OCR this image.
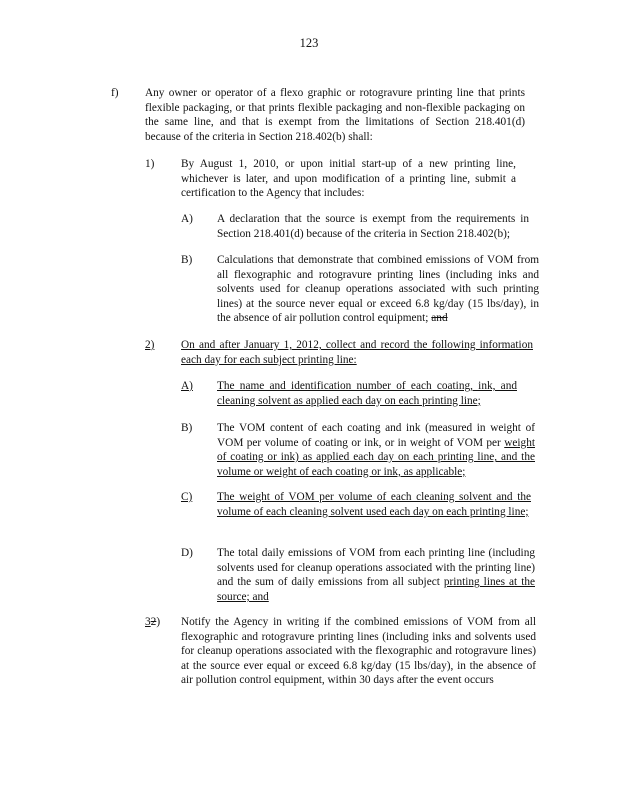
123
f) Any owner or operator of a flexo graphic or rotogravure printing line that prints flexible packaging, or that prints flexible packaging and non-flexible packaging on the same line, and that is exempt from the limitations of Section 218.401(d) because of the criteria in Section 218.402(b) shall:

1) By August 1, 2010, or upon initial start-up of a new printing line, whichever is later, and upon modification of a printing line, submit a certification to the Agency that includes:

A) A declaration that the source is exempt from the requirements in Section 218.401(d) because of the criteria in Section 218.402(b);

B) Calculations that demonstrate that combined emissions of VOM from all flexographic and rotogravure printing lines (including inks and solvents used for cleanup operations associated with such printing lines) at the source never equal or exceed 6.8 kg/day (15 lbs/day), in the absence of air pollution control equipment; and

2) On and after January 1, 2012, collect and record the following information each day for each subject printing line:

A) The name and identification number of each coating, ink, and cleaning solvent as applied each day on each printing line;

B) The VOM content of each coating and ink (measured in weight of VOM per volume of coating or ink, or in weight of VOM per weight of coating or ink) as applied each day on each printing line, and the volume or weight of each coating or ink, as applicable;

C) The weight of VOM per volume of each cleaning solvent and the volume of each cleaning solvent used each day on each printing line;

D) The total daily emissions of VOM from each printing line (including solvents used for cleanup operations associated with the printing line) and the sum of daily emissions from all subject printing lines at the source; and

32) Notify the Agency in writing if the combined emissions of VOM from all flexographic and rotogravure printing lines (including inks and solvents used for cleanup operations associated with the flexographic and rotogravure lines) at the source ever equal or exceed 6.8 kg/day (15 lbs/day), in the absence of air pollution control equipment, within 30 days after the event occurs
